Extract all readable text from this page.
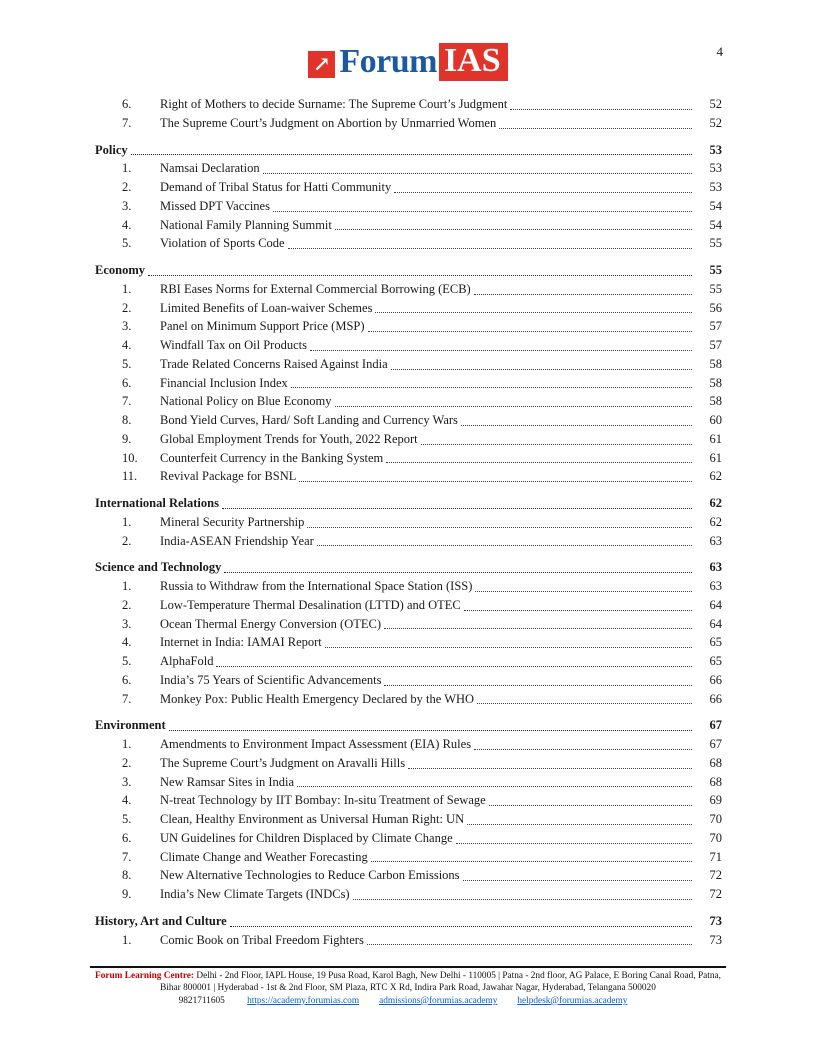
4
↗ Forum IAS
6.	Right of Mothers to decide Surname: The Supreme Court’s Judgment	52
7.	The Supreme Court’s Judgment on Abortion by Unmarried Women	52
Policy	53
1.	Namsai Declaration	53
2.	Demand of Tribal Status for Hatti Community	53
3.	Missed DPT Vaccines	54
4.	National Family Planning Summit	54
5.	Violation of Sports Code	55
Economy	55
1.	RBI Eases Norms for External Commercial Borrowing (ECB)	55
2.	Limited Benefits of Loan-waiver Schemes	56
3.	Panel on Minimum Support Price (MSP)	57
4.	Windfall Tax on Oil Products	57
5.	Trade Related Concerns Raised Against India	58
6.	Financial Inclusion Index	58
7.	National Policy on Blue Economy	58
8.	Bond Yield Curves, Hard/ Soft Landing and Currency Wars	60
9.	Global Employment Trends for Youth, 2022 Report	61
10.	Counterfeit Currency in the Banking System	61
11.	Revival Package for BSNL	62
International Relations	62
1.	Mineral Security Partnership	62
2.	India-ASEAN Friendship Year	63
Science and Technology	63
1.	Russia to Withdraw from the International Space Station (ISS)	63
2.	Low-Temperature Thermal Desalination (LTTD) and OTEC	64
3.	Ocean Thermal Energy Conversion (OTEC)	64
4.	Internet in India: IAMAI Report	65
5.	AlphaFold	65
6.	India’s 75 Years of Scientific Advancements	66
7.	Monkey Pox: Public Health Emergency Declared by the WHO	66
Environment	67
1.	Amendments to Environment Impact Assessment (EIA) Rules	67
2.	The Supreme Court’s Judgment on Aravalli Hills	68
3.	New Ramsar Sites in India	68
4.	N-treat Technology by IIT Bombay: In-situ Treatment of Sewage	69
5.	Clean, Healthy Environment as Universal Human Right: UN	70
6.	UN Guidelines for Children Displaced by Climate Change	70
7.	Climate Change and Weather Forecasting	71
8.	New Alternative Technologies to Reduce Carbon Emissions	72
9.	India’s New Climate Targets (INDCs)	72
History, Art and Culture	73
1.	Comic Book on Tribal Freedom Fighters	73
Forum Learning Centre: Delhi - 2nd Floor, IAPL House, 19 Pusa Road, Karol Bagh, New Delhi - 110005 | Patna - 2nd floor, AG Palace, E Boring Canal Road, Patna, Bihar 800001 | Hyderabad - 1st & 2nd Floor, SM Plaza, RTC X Rd, Indira Park Road, Jawahar Nagar, Hyderabad, Telangana 500020
9821711605 https://academy.forumias.com admissions@forumias.academy helpdesk@forumias.academy
